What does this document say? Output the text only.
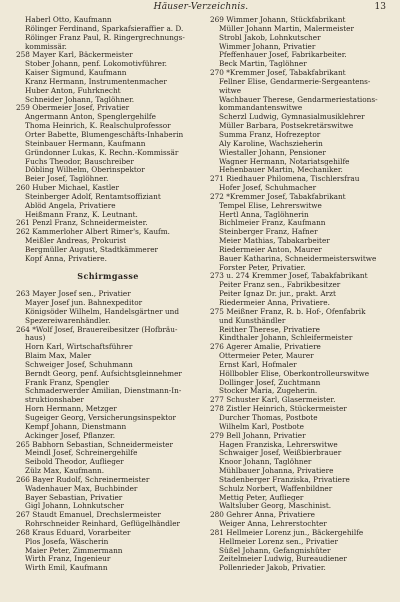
Häuser-Verzeichnis.	13
Haberl Otto, Kaufmann
Rölinger Ferdinand, Sparkafsieraffier a. D.
Rölinger Franz Paul, R. Ringergrechnungs-
kommissär.
258 Mayer Karl, Bäckermeister
Stober Johann, penf. Lokomotivführer.
Kaiser Sigmund, Kaufmann
Kranz Hermann, Instrumentenmacher
Huber Anton, Fuhrknecht
Schneider Johann, Taglöhner.
259 Obermeier Josef, Privatier
Angermann Anton, Spenglergehilfe
Thoma Heinrich, K. Realschulprofessor
Orter Babette, Blumengeschäfts-Inhaberin
Steinbauer Hermann, Kaufmann
Gründonner Lukas, K. Rechn.-Kommissär
Fuchs Theodor, Bauschreiber
Döbling Wilhelm, Oberinspektor
Beier Josef, Taglöhner.
260 Huber Michael, Kastler
Steinberger Adolf, Rentamtsoffiziant
Ablöd Angela, Privatiere
Heißmann Franz, K. Leutnant.
261 Penzl Franz, Schneidermeister.
262 Kammerloher Albert Rimer's, Kaufm.
Meißler Andreas, Prokurist
Bergmüller August, Stadtkämmerer
Kopf Anna, Privatiere.
Schirmgasse
263 Mayer Josef sen., Privatier
Mayer Josef jun. Bahnexpeditor
Königsöder Wilhelm, Handelsgärtner und
Spezereiwarenhändler.
264 *Wolf Josef, Brauereibesitzer (Hofbräu-
haus)
Horn Karl, Wirtschaftsführer
Blaim Max, Maler
Schweiger Josef, Schuhmann
Berndt Georg, penf. Aufsichtsgleinnehmer
Frank Franz, Spengler
Schmaderwerder Amilian, Dienstmann-In-
struktionshaber
Horn Hermann, Metzger
Sugeiger Georg, Versicherungsinspektor
Kempf Johann, Dienstmann
Ackinger Josef, Pflanzer.
265 Babhorn Sebastian, Schneidermeister
Meindl Josef, Schreinergehilfe
Seibold Theodor, Auflieger
Zülz Max, Kaufmann.
266 Bayer Rudolf, Schreinermeister
Wadenhauer Max, Buchbinder
Bayer Sebastian, Privatier
Gigl Johann, Lohnkutscher
267 Staudt Emanuel, Drechslermeister
Rohrschneider Reinhard, Geflügelhändler
268 Kraus Eduard, Vorarbeiter
Plos Josefa, Wäscherin
Maier Peter, Zimmermann
Wirth Franz, Ingenieur
Wirth Emil, Kaufmann
269 Wimmer Johann, Stückfabrikant
Müller Johann Martin, Malermeister
Strobl Jakob, Lohnkutscher
Wimmer Johann, Privatier
Pfeffenhauer Josef, Fabrikarbeiter.
Beck Martin, Taglöhner
270 *Kremmer Josef, Tabakfabrikant
Fellner Elise, Gendarmerie-Sergeantens-
witwe
Wachbauer Therese, Gendarmeriestations-
kommandantenswitwe
Scherzl Ludwig, Gymnasialmusiklehrer
Müller Barbara, Postsekretärswitwe
Summa Franz, Hofrezeptor
Aly Karoline, Wachszieherin
Wiestaller Johann, Pensioner
Wagner Hermann, Notariatsgehilfe
Hehenbauer Martin, Mechaniker.
271 Riedhauer Philomena, Tischlersfrau
Hofer Josef, Schuhmacher
272 *Kremmer Josef, Tabakfabrikant
Tempel Elise, Lehrerswitwe
Hertl Anna, Taglöhnerin
Bichlmeier Franz, Kaufmann
Steinberger Franz, Hafner
Meier Mathias, Tabakarbeiter
Riedermeier Anton, Maurer
Bauer Katharina, Schneidermeisterswitwe
Forster Peter, Privatier.
273 u. 274 Kremmer Josef, Tabakfabrikant
Peiter Franz sen., Fabrikbesitzer
Peiter Ignaz Dr. jur., prakt. Arzt
Riedermeier Anna, Privatiere.
275 Meißner Franz, R. b. Hof-, Ofenfabrik
und Kunsthändler
Reither Therese, Privatiere
Kindthaler Johann, Schleifermeister
276 Agerer Amalie, Privatiere
Ottermeier Peter, Maurer
Ernst Karl, Hofmaler
Höllbobler Elise, Oberkontrolleurswitwe
Dollinger Josef, Zuchtmann
Stocker Maria, Zugeherin.
277 Schuster Karl, Glasermeister.
278 Zistler Heinrich, Stückermeister
Durcher Thomas, Postbote
Wilhelm Karl, Postbote
279 Bell Johann, Privatier
Hagen Franziska, Lehrerswitwe
Schwaiger Josef, Weißbierbrauer
Knoor Johann, Taglöhner
Mühlbauer Johanna, Privatiere
Stadenberger Franziska, Privatiere
Schulz Norbert, Waffenbildner
Mettig Peter, Auflieger
Waltsluber Georg, Maschinist.
280 Gehrer Anna, Privatiere
Weiger Anna, Lehrerstochter
281 Hellmeier Lorenz jun., Bäckergehilfe
Hellmeier Lorenz sen., Privatier
Süßel Johann, Gefangnishüter
Zeitelmeier Ludwig, Bureaudiener
Pollenrieder Jakob, Privatier.
